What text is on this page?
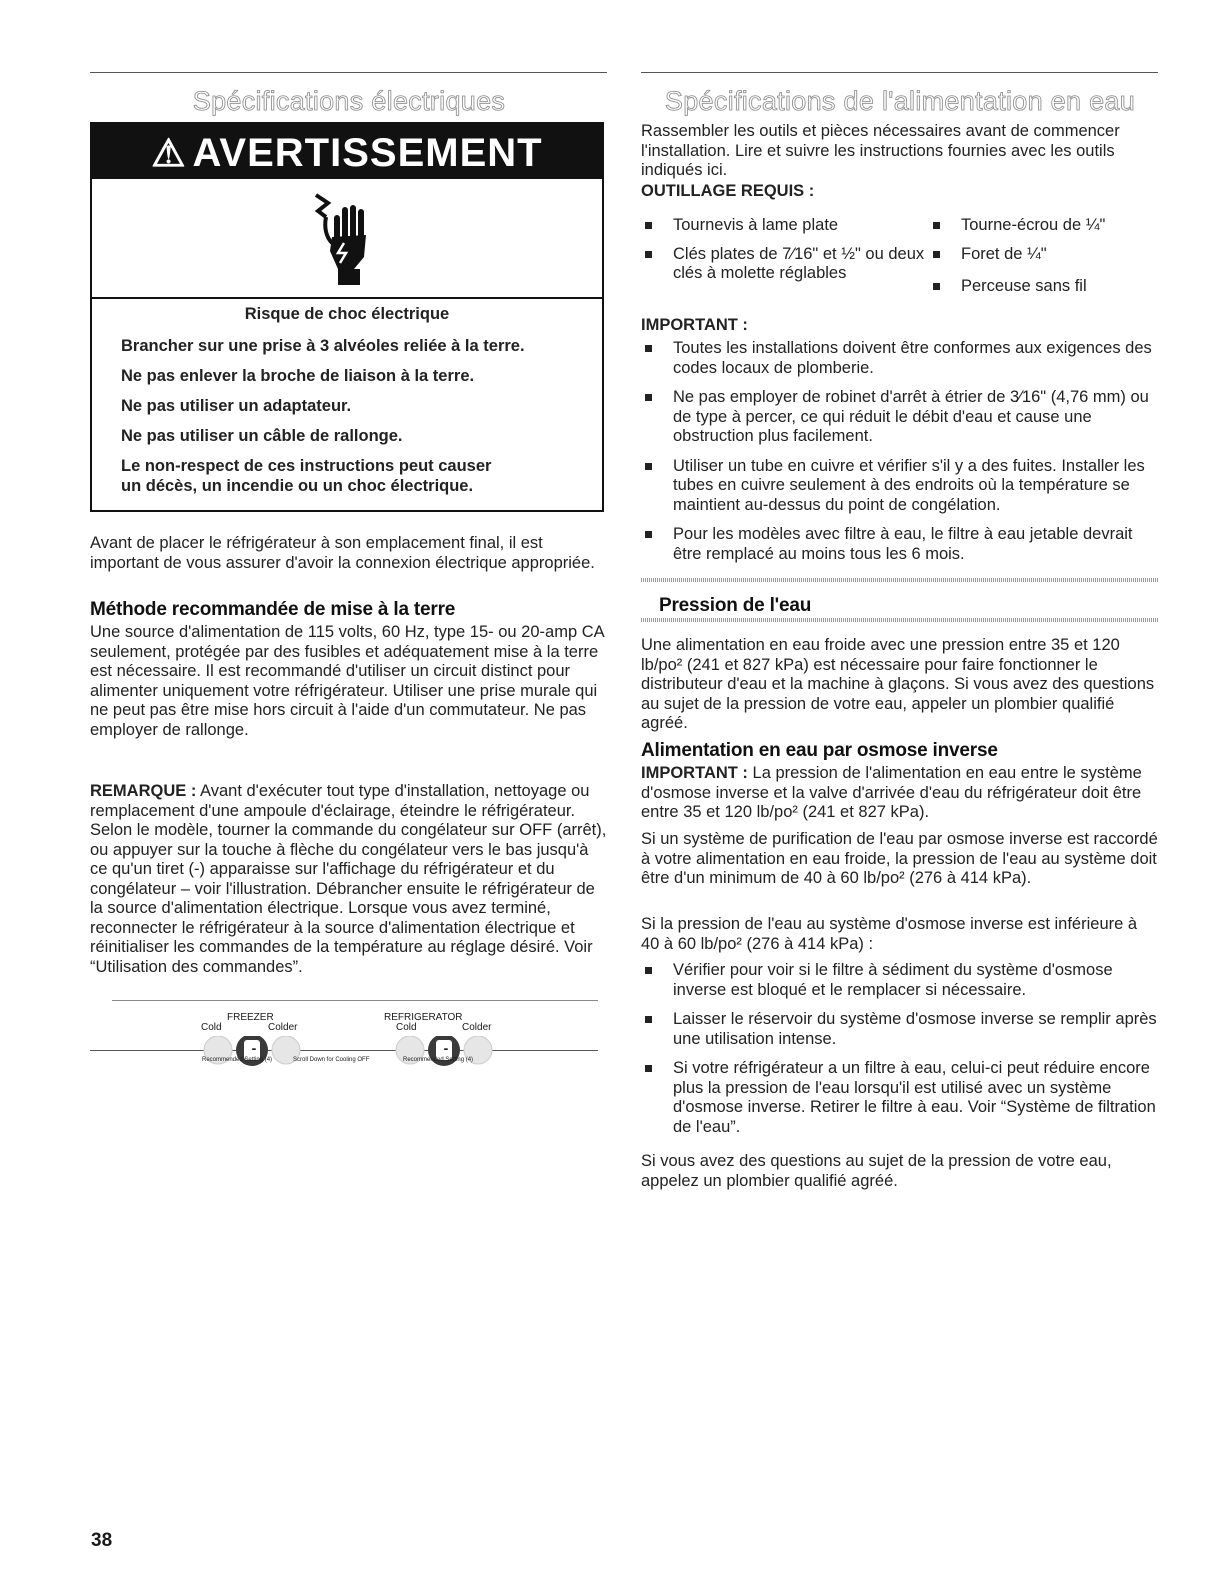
Spécifications électriques
⚠ AVERTISSEMENT

Risque de choc électrique

Brancher sur une prise à 3 alvéoles reliée à la terre.

Ne pas enlever la broche de liaison à la terre.

Ne pas utiliser un adaptateur.

Ne pas utiliser un câble de rallonge.

Le non-respect de ces instructions peut causer

un décès, un incendie ou un choc électrique.

Avant de placer le réfrigérateur à son emplacement final, il est important de vous assurer d'avoir la connexion électrique appropriée.

Méthode recommandée de mise à la terre

Une source d'alimentation de 115 volts, 60 Hz, type 15- ou 20-amp CA seulement, protégée par des fusibles et adéquatement mise à la terre est nécessaire. Il est recommandé d'utiliser un circuit distinct pour alimenter uniquement votre réfrigérateur. Utiliser une prise murale qui ne peut pas être mise hors circuit à l'aide d'un commutateur. Ne pas employer de rallonge.

REMARQUE : Avant d'exécuter tout type d'installation, nettoyage ou remplacement d'une ampoule d'éclairage, éteindre le réfrigérateur. Selon le modèle, tourner la commande du congélateur sur OFF (arrêt), ou appuyer sur la touche à flèche du congélateur vers le bas jusqu'à ce qu'un tiret (-) apparaisse sur l'affichage du réfrigérateur et du congélateur – voir l'illustration. Débrancher ensuite le réfrigérateur de la source d'alimentation électrique. Lorsque vous avez terminé, reconnecter le réfrigérateur à la source d'alimentation électrique et réinitialiser les commandes de la température au réglage désiré. Voir “Utilisation des commandes”.

FREEZER
Cold	Colder
REFRIGERATOR
Cold	Colder
-	-
Recommended Setting (4)	Scroll Down for Cooling OFF	Recommended Setting (4)
38
Spécifications de l'alimentation en eau

Rassembler les outils et pièces nécessaires avant de commencer l'installation. Lire et suivre les instructions fournies avec les outils indiqués ici.

OUTILLAGE REQUIS :

Tournevis à lame plate
Clés plates de 7⁄16" et ½" ou deux clés à molette réglables
Tourne-écrou de ¼"
Foret de ¼"
Perceuse sans fil

IMPORTANT :

Toutes les installations doivent être conformes aux exigences des codes locaux de plomberie.
Ne pas employer de robinet d'arrêt à étrier de 3⁄16" (4,76 mm) ou de type à percer, ce qui réduit le débit d'eau et cause une obstruction plus facilement.
Utiliser un tube en cuivre et vérifier s'il y a des fuites. Installer les tubes en cuivre seulement à des endroits où la température se maintient au-dessus du point de congélation.
Pour les modèles avec filtre à eau, le filtre à eau jetable devrait être remplacé au moins tous les 6 mois.
Pression de l'eau

Une alimentation en eau froide avec une pression entre 35 et 120 lb/po² (241 et 827 kPa) est nécessaire pour faire fonctionner le distributeur d'eau et la machine à glaçons. Si vous avez des questions au sujet de la pression de votre eau, appeler un plombier qualifié agréé.

Alimentation en eau par osmose inverse

IMPORTANT : La pression de l'alimentation en eau entre le système d'osmose inverse et la valve d'arrivée d'eau du réfrigérateur doit être entre 35 et 120 lb/po² (241 et 827 kPa).

Si un système de purification de l'eau par osmose inverse est raccordé à votre alimentation en eau froide, la pression de l'eau au système doit être d'un minimum de 40 à 60 lb/po² (276 à 414 kPa).

Si la pression de l'eau au système d'osmose inverse est inférieure à 40 à 60 lb/po² (276 à 414 kPa) :

Vérifier pour voir si le filtre à sédiment du système d'osmose inverse est bloqué et le remplacer si nécessaire.
Laisser le réservoir du système d'osmose inverse se remplir après une utilisation intense.
Si votre réfrigérateur a un filtre à eau, celui-ci peut réduire encore plus la pression de l'eau lorsqu'il est utilisé avec un système d'osmose inverse. Retirer le filtre à eau. Voir “Système de filtration de l'eau”.

Si vous avez des questions au sujet de la pression de votre eau, appelez un plombier qualifié agréé.
